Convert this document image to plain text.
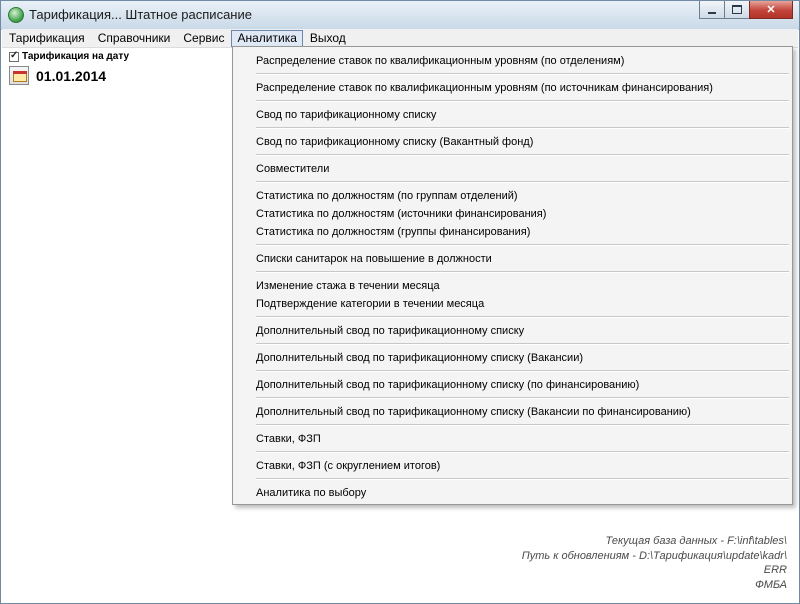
Тарификация... Штатное расписание	✕
Тарификация	Справочники	Сервис	Аналитика	Выход
✓
Тарификация на дату
01.01.2014
Распределение ставок по квалификационным уровням (по отделениям)
Распределение ставок по квалификационным уровням (по источникам финансирования)
Свод по тарификационному списку
Свод по тарификационному списку (Вакантный фонд)
Совместители
Статистика по должностям (по группам отделений)
Статистика по должностям (источники финансирования)
Статистика по должностям (группы финансирования)
Списки санитарок на повышение в должности
Изменение стажа в течении месяца
Подтверждение категории в течении месяца
Дополнительный свод по тарификационному списку
Дополнительный свод по тарификационному списку (Вакансии)
Дополнительный свод по тарификационному списку (по финансированию)
Дополнительный свод по тарификационному списку (Вакансии по финансированию)
Ставки, ФЗП
Ставки, ФЗП (с округлением итогов)
Аналитика по выбору
Текущая база данных - F:\inf\tables\
Путь к обновлениям - D:\Тарификация\update\kadr\
ERR
ФМБА
